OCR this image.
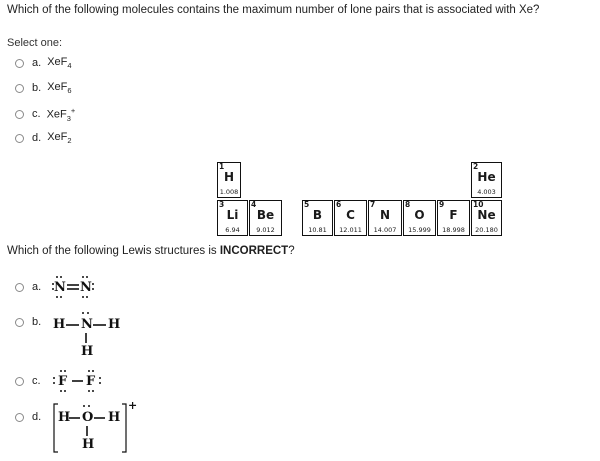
Which of the following molecules contains the maximum number of lone pairs that is associated with Xe?
Select one:
a. XeF$_4$
b. XeF$_6$
c. XeF$_3$+
d. XeF$_2$
1
H
1.008
2
He
4.003
3
Li
6.94
4
Be
9.012
5
B
10.81
6
C
12.011
7
N
14.007
8
O
15.999
9
F
18.998
10
Ne
20.180
Which of the following Lewis structures is INCORRECT?
a. N N
b. H N H
H
c. F F
d. H O H
H
+
